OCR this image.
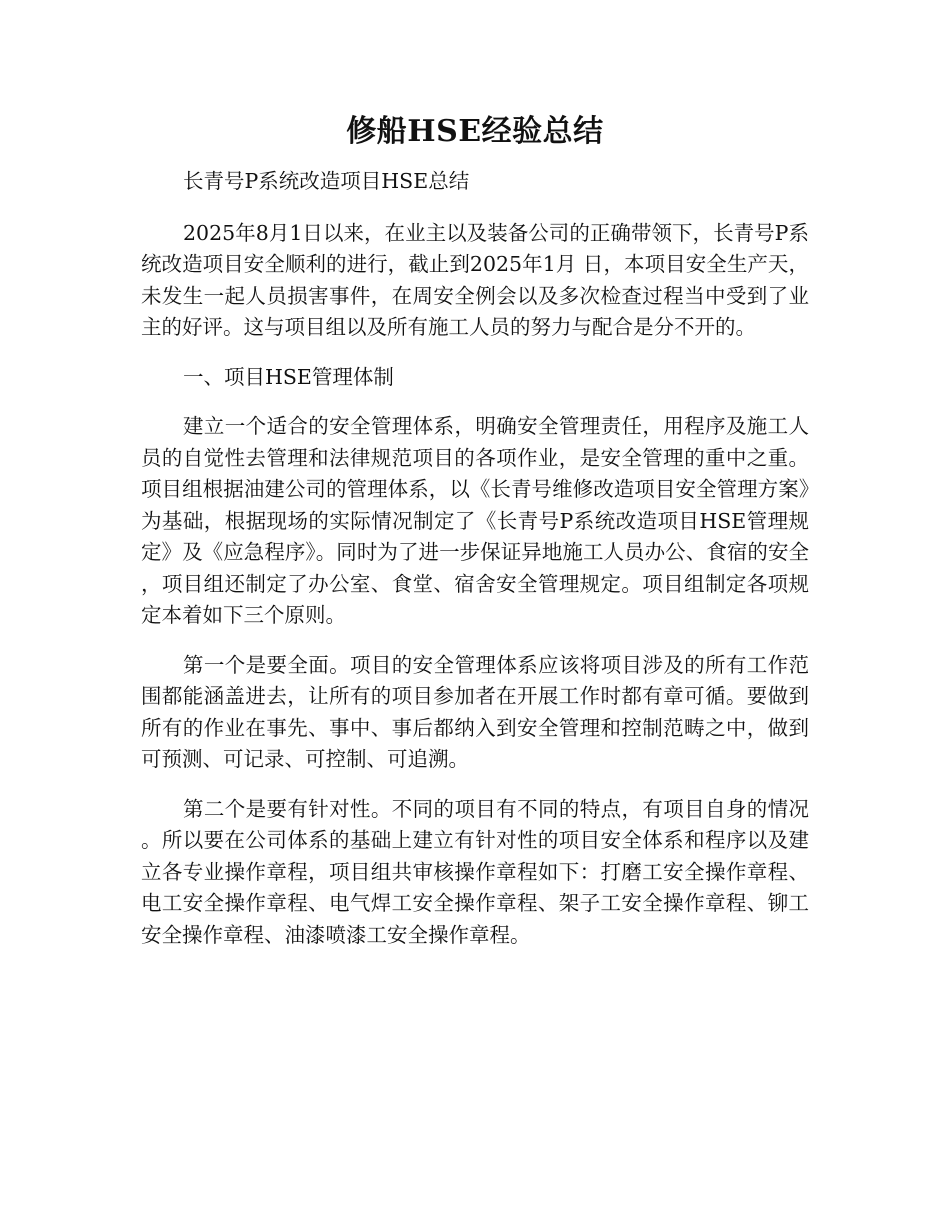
修船HSE经验总结

长青号P系统改造项目HSE总结

2025年8月1日以来，在业主以及装备公司的正确带领下，长青号P系统改造项目安全顺利的进行，截止到2025年1月 日，本项目安全生产天，未发生一起人员损害事件，在周安全例会以及多次检查过程当中受到了业主的好评。这与项目组以及所有施工人员的努力与配合是分不开的。

一、项目HSE管理体制

建立一个适合的安全管理体系，明确安全管理责任，用程序及施工人员的自觉性去管理和法律规范项目的各项作业，是安全管理的重中之重。项目组根据油建公司的管理体系，以《长青号维修改造项目安全管理方案》为基础，根据现场的实际情况制定了《长青号P系统改造项目HSE管理规定》及《应急程序》。同时为了进一步保证异地施工人员办公、食宿的安全，项目组还制定了办公室、食堂、宿舍安全管理规定。项目组制定各项规定本着如下三个原则。

第一个是要全面。项目的安全管理体系应该将项目涉及的所有工作范围都能涵盖进去，让所有的项目参加者在开展工作时都有章可循。要做到所有的作业在事先、事中、事后都纳入到安全管理和控制范畴之中，做到可预测、可记录、可控制、可追溯。

第二个是要有针对性。不同的项目有不同的特点，有项目自身的情况。所以要在公司体系的基础上建立有针对性的项目安全体系和程序以及建立各专业操作章程，项目组共审核操作章程如下：打磨工安全操作章程、电工安全操作章程、电气焊工安全操作章程、架子工安全操作章程、铆工安全操作章程、油漆喷漆工安全操作章程。
